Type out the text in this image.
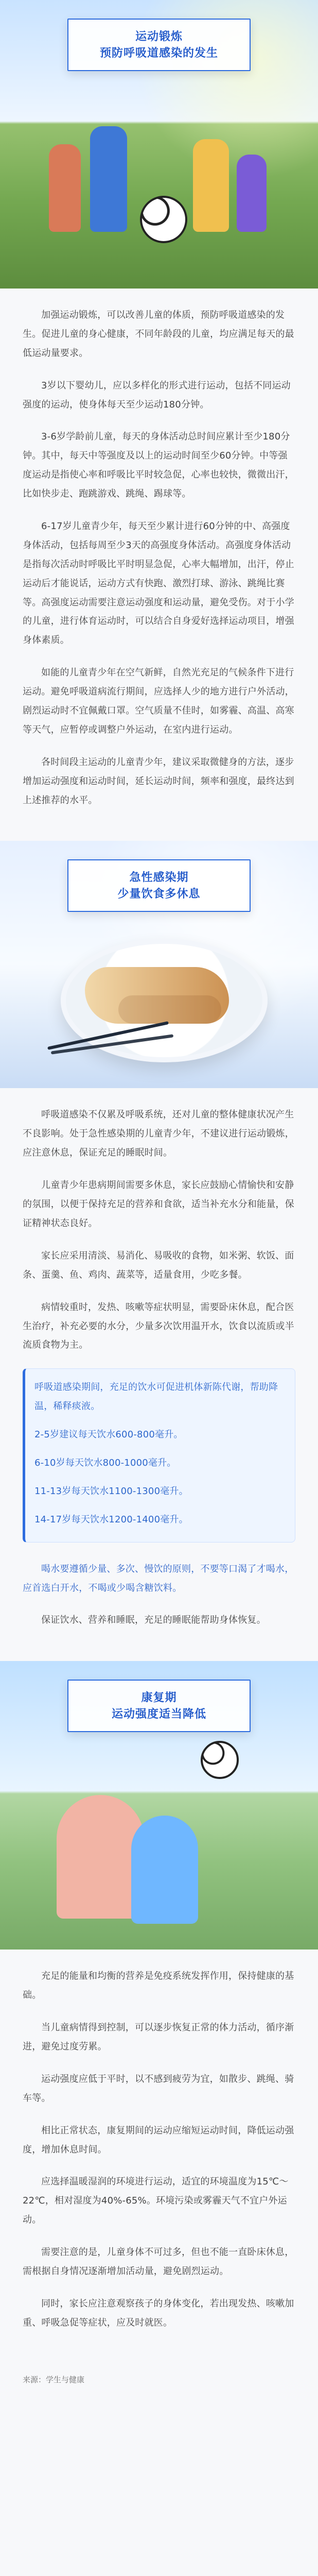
运动锻炼
预防呼吸道感染的发生

加强运动锻炼，可以改善儿童的体质，预防呼吸道感染的发生。促进儿童的身心健康，不同年龄段的儿童，均应满足每天的最低运动量要求。

3岁以下婴幼儿，应以多样化的形式进行运动，包括不同运动强度的运动，使身体每天至少运动180分钟。

3-6岁学龄前儿童，每天的身体活动总时间应累计至少180分钟。其中，每天中等强度及以上的运动时间至少60分钟。中等强度运动是指使心率和呼吸比平时较急促，心率也较快，微微出汗，比如快步走、跑跳游戏、跳绳、踢球等。

6-17岁儿童青少年，每天至少累计进行60分钟的中、高强度身体活动，包括每周至少3天的高强度身体活动。高强度身体活动是指每次活动时呼吸比平时明显急促，心率大幅增加，出汗，停止运动后才能说话，运动方式有快跑、激烈打球、游泳、跳绳比赛等。高强度运动需要注意运动强度和运动量，避免受伤。对于小学的儿童，进行体育运动时，可以结合自身爱好选择运动项目，增强身体素质。

如能的儿童青少年在空气新鲜，自然光充足的气候条件下进行运动。避免呼吸道病流行期间，应选择人少的地方进行户外活动，剧烈运动时不宜佩戴口罩。空气质量不佳时，如雾霾、高温、高寒等天气，应暂停或调整户外运动，在室内进行运动。

各时间段主运动的儿童青少年，建议采取微健身的方法，逐步增加运动强度和运动时间，延长运动时间，频率和强度，最终达到上述推荐的水平。

急性感染期
少量饮食多休息

呼吸道感染不仅累及呼吸系统，还对儿童的整体健康状况产生不良影响。处于急性感染期的儿童青少年，不建议进行运动锻炼，应注意休息，保证充足的睡眠时间。

儿童青少年患病期间需要多休息，家长应鼓励心情愉快和安静的氛围，以便于保持充足的营养和食欲，适当补充水分和能量，保证精神状态良好。

家长应采用清淡、易消化、易吸收的食物，如米粥、软饭、面条、蛋羹、鱼、鸡肉、蔬菜等，适量食用，少吃多餐。

病情较重时，发热、咳嗽等症状明显，需要卧床休息，配合医生治疗，补充必要的水分，少量多次饮用温开水，饮食以流质或半流质食物为主。

呼吸道感染期间，充足的饮水可促进机体新陈代谢，帮助降温，稀释痰液。

2-5岁建议每天饮水600-800毫升。

6-10岁每天饮水800-1000毫升。

11-13岁每天饮水1100-1300毫升。

14-17岁每天饮水1200-1400毫升。

喝水要遵循少量、多次、慢饮的原则，不要等口渴了才喝水，应首选白开水，不喝或少喝含糖饮料。

保证饮水、营养和睡眠，充足的睡眠能帮助身体恢复。

康复期
运动强度适当降低

充足的能量和均衡的营养是免疫系统发挥作用，保持健康的基础。

当儿童病情得到控制，可以逐步恢复正常的体力活动，循序渐进，避免过度劳累。

运动强度应低于平时，以不感到疲劳为宜，如散步、跳绳、骑车等。

相比正常状态，康复期间的运动应缩短运动时间，降低运动强度，增加休息时间。

应选择温暖湿润的环境进行运动，适宜的环境温度为15℃～22℃，相对湿度为40%-65%。环境污染或雾霾天气不宜户外运动。

需要注意的是，儿童身体不可过多，但也不能一直卧床休息，需根据自身情况逐渐增加活动量，避免剧烈运动。

同时，家长应注意观察孩子的身体变化，若出现发热、咳嗽加重、呼吸急促等症状，应及时就医。

来源：学生与健康
